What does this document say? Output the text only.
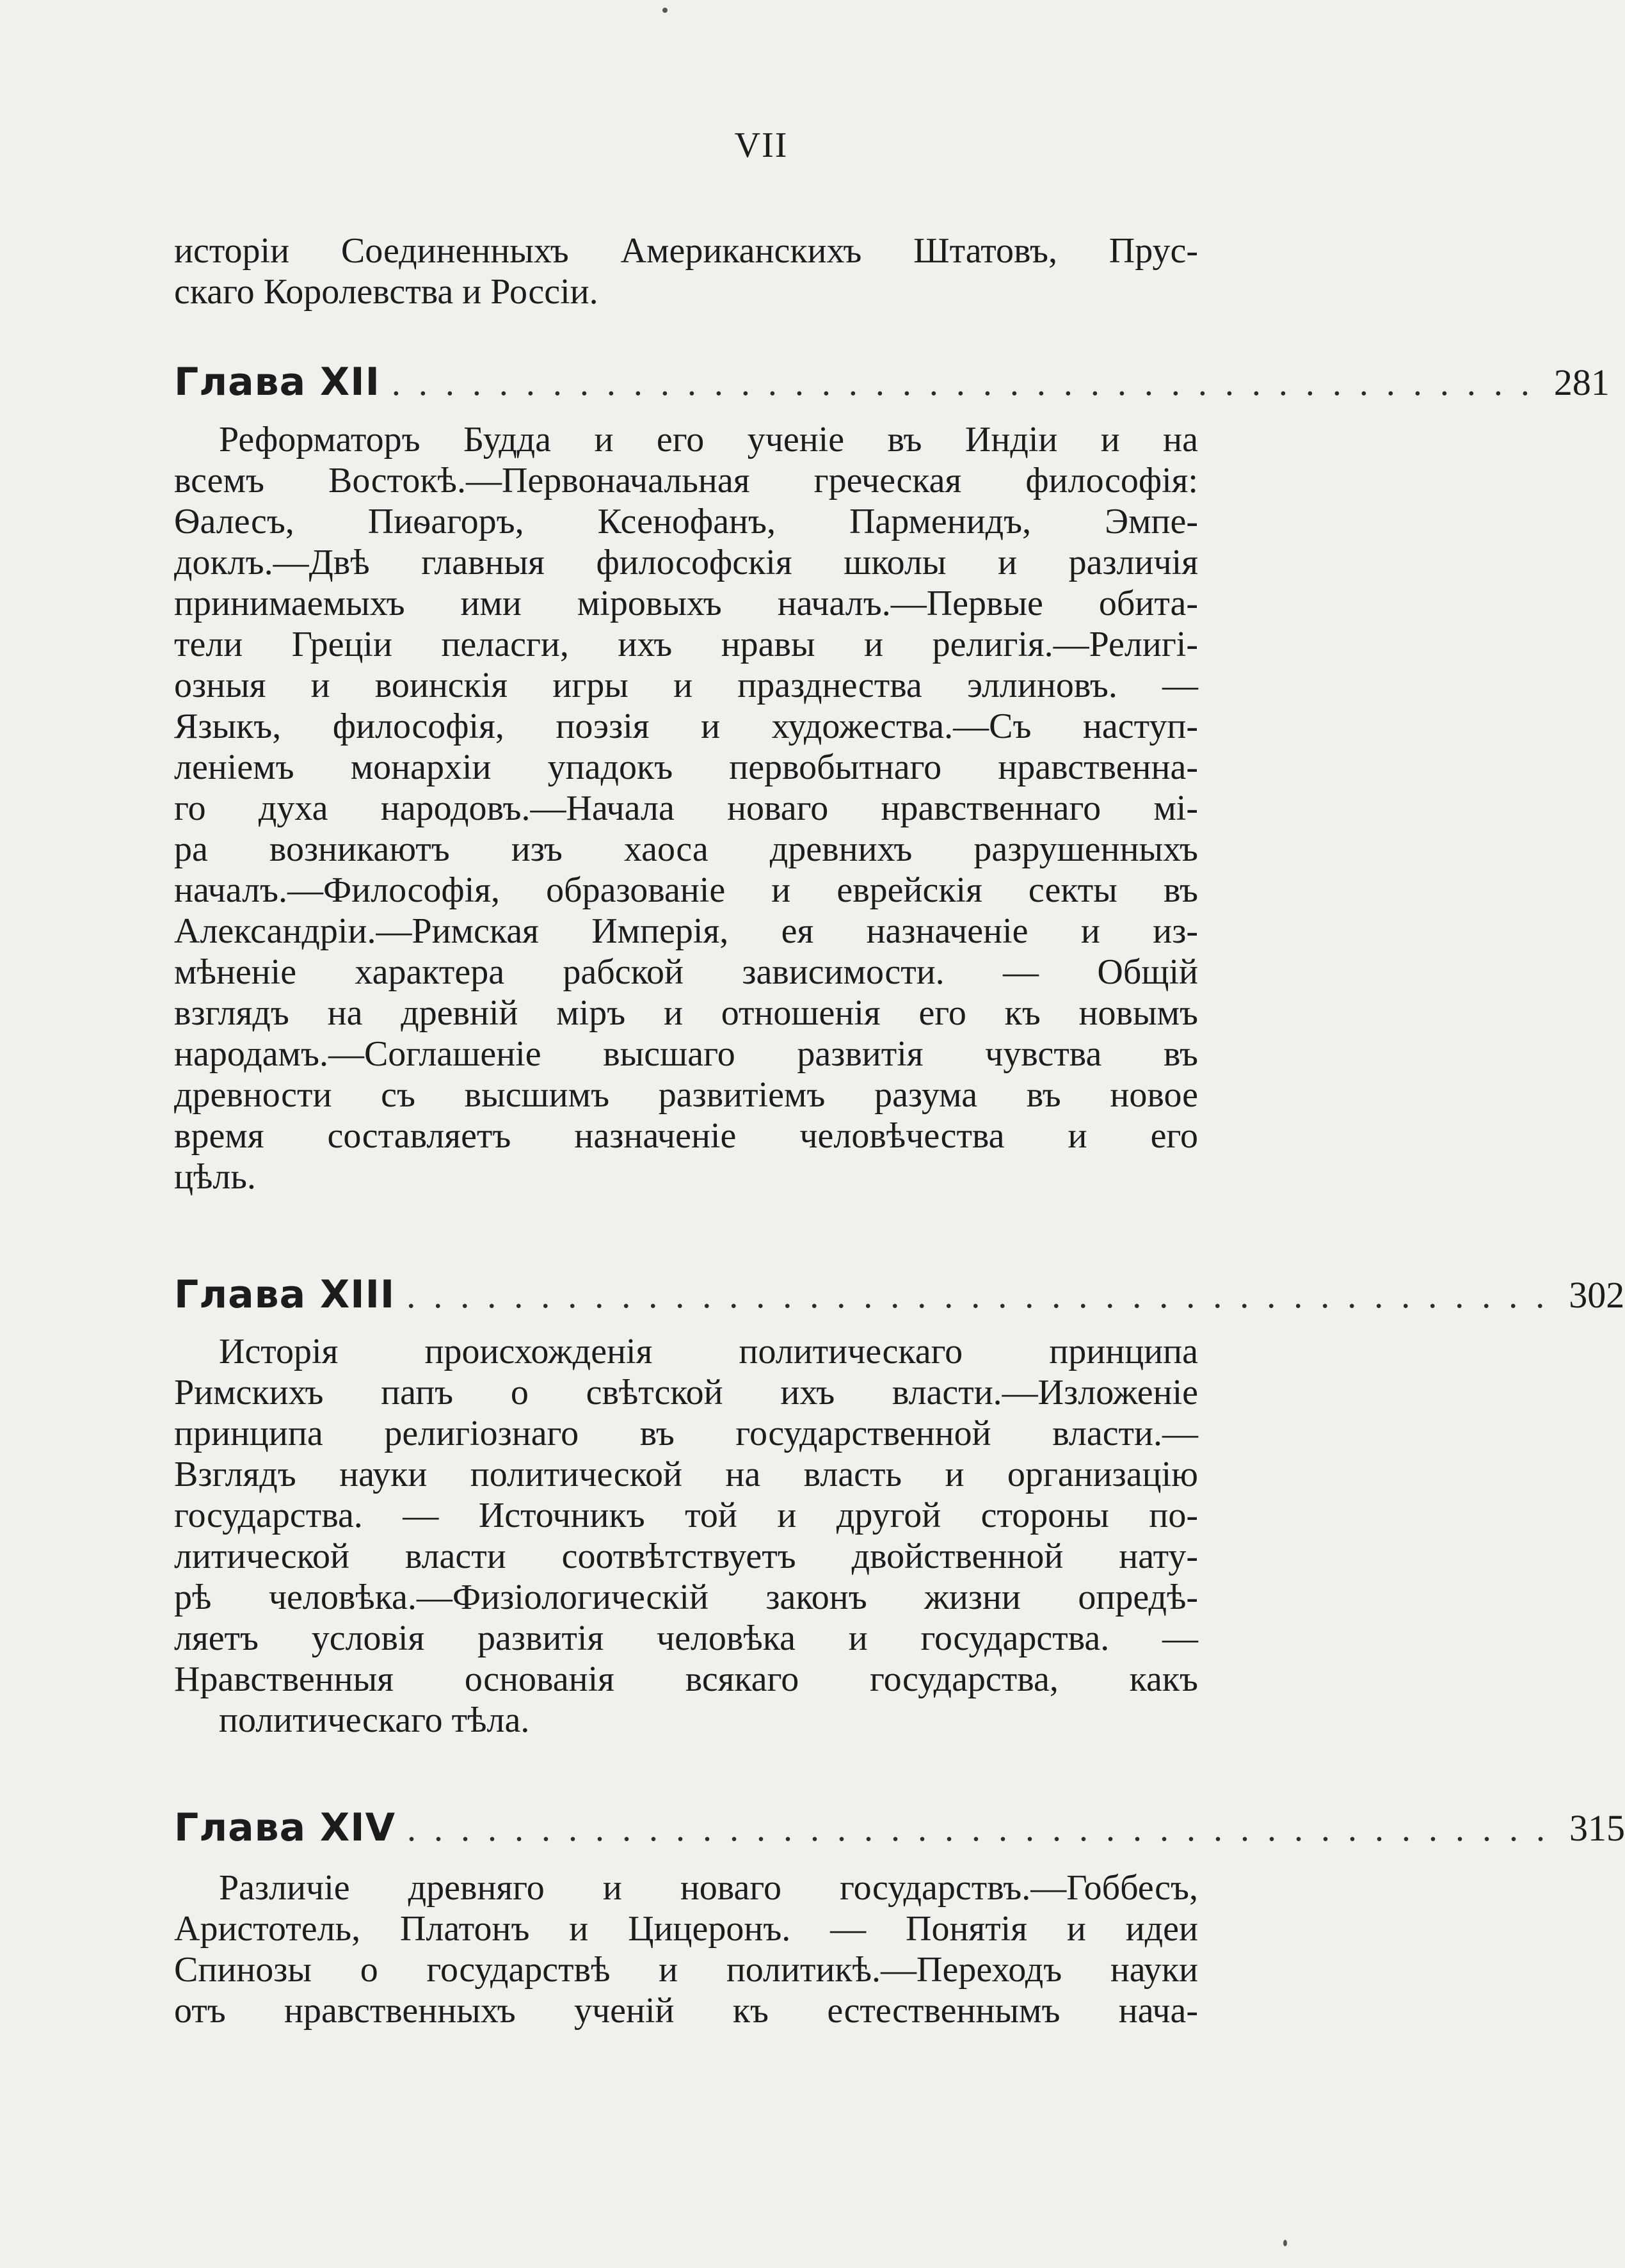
VII
исторіи Соединенныхъ Американскихъ Штатовъ, Прус-
скаго Королевства и Россіи.
Глава XII ........................................... 281
Реформаторъ Будда и его ученіе въ Индіи и на
всемъ Востокѣ.—Первоначальная греческая философія:
Ѳалесъ, Пиѳагоръ, Ксенофанъ, Парменидъ, Эмпе-
доклъ.—Двѣ главныя философскія школы и различія
принимаемыхъ ими міровыхъ началъ.—Первые обита-
тели Греціи пеласги, ихъ нравы и религія.—Религі-
озныя и воинскія игры и празднества эллиновъ. —
Языкъ, философія, поэзія и художества.—Съ наступ-
леніемъ монархіи упадокъ первобытнаго нравственна-
го духа народовъ.—Начала новаго нравственнаго мі-
ра возникаютъ изъ хаоса древнихъ разрушенныхъ
началъ.—Философія, образованіе и еврейскія секты въ
Александріи.—Римская Имперія, ея назначеніе и из-
мѣненіе характера рабской зависимости. — Общій
взглядъ на древній міръ и отношенія его къ новымъ
народамъ.—Соглашеніе высшаго развитія чувства въ
древности съ высшимъ развитіемъ разума въ новое
время составляетъ назначеніе человѣчества и его
цѣль.
Глава XIII ........................................... 302
Исторія происхожденія политическаго принципа
Римскихъ папъ о свѣтской ихъ власти.—Изложеніе
принципа религіознаго въ государственной власти.—
Взглядъ науки политической на власть и организацію
государства. — Источникъ той и другой стороны по-
литической власти соотвѣтствуетъ двойственной нату-
рѣ человѣка.—Физіологическій законъ жизни опредѣ-
ляетъ условія развитія человѣка и государства. —
Нравственныя основанія всякаго государства, какъ
политическаго тѣла.
Глава XIV ........................................... 315
Различіе древняго и новаго государствъ.—Гоббесъ,
Аристотель, Платонъ и Цицеронъ. — Понятія и идеи
Спинозы о государствѣ и политикѣ.—Переходъ науки
отъ нравственныхъ ученій къ естественнымъ нача-
